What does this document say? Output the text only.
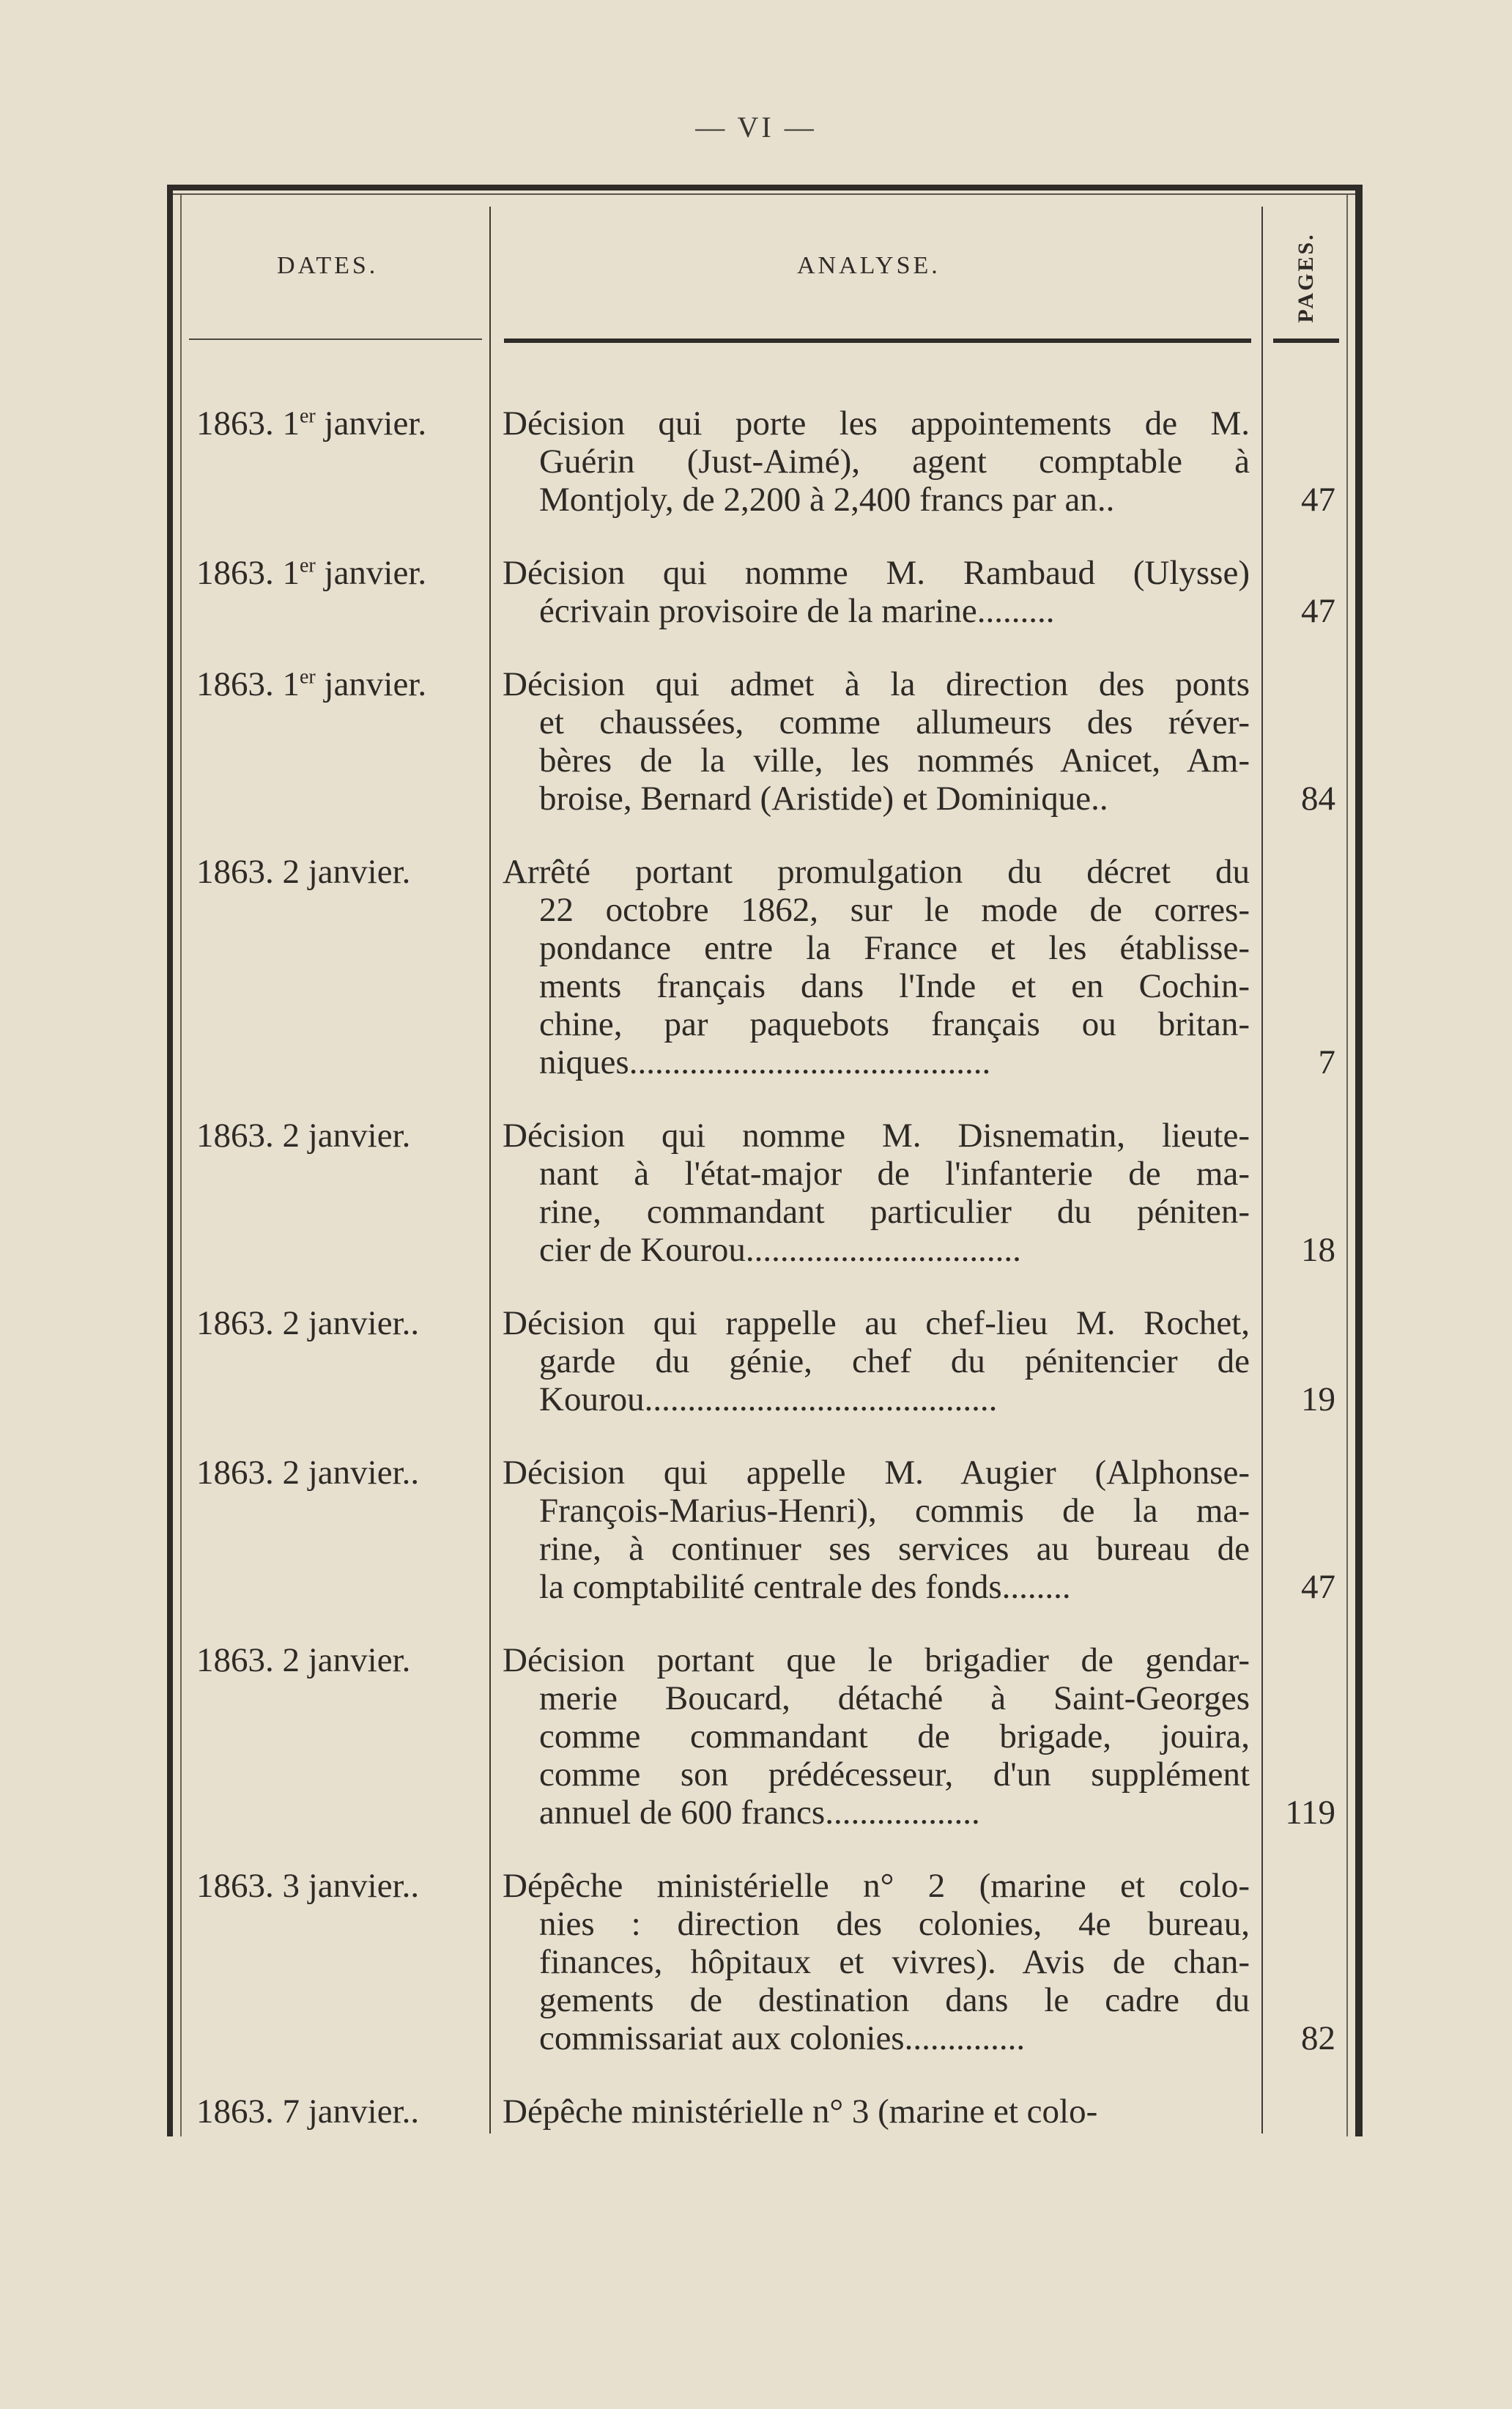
— VI —
DATES.	ANALYSE.	PAGES.
1863. 1er janvier.	Décision qui porte les appointements de M.
Guérin (Just-Aimé), agent comptable à
Montjoly, de 2,200 à 2,400 francs par an..	47
1863. 1er janvier.	Décision qui nomme M. Rambaud (Ulysse)
écrivain provisoire de la marine.........	47
1863. 1er janvier.	Décision qui admet à la direction des ponts
et chaussées, comme allumeurs des réver-
bères de la ville, les nommés Anicet, Am-
broise, Bernard (Aristide) et Dominique..	84
1863. 2 janvier.	Arrêté portant promulgation du décret du
22 octobre 1862, sur le mode de corres-
pondance entre la France et les établisse-
ments français dans l'Inde et en Cochin-
chine, par paquebots français ou britan-
niques..........................................	7
1863. 2 janvier.	Décision qui nomme M. Disnematin, lieute-
nant à l'état-major de l'infanterie de ma-
rine, commandant particulier du péniten-
cier de Kourou................................	18
1863. 2 janvier..	Décision qui rappelle au chef-lieu M. Rochet,
garde du génie, chef du pénitencier de
Kourou.........................................	19
1863. 2 janvier..	Décision qui appelle M. Augier (Alphonse-
François-Marius-Henri), commis de la ma-
rine, à continuer ses services au bureau de
la comptabilité centrale des fonds........	47
1863. 2 janvier.	Décision portant que le brigadier de gendar-
merie Boucard, détaché à Saint-Georges
comme commandant de brigade, jouira,
comme son prédécesseur, d'un supplément
annuel de 600 francs..................	119
1863. 3 janvier..	Dépêche ministérielle n° 2 (marine et colo-
nies : direction des colonies, 4e bureau,
finances, hôpitaux et vivres). Avis de chan-
gements de destination dans le cadre du
commissariat aux colonies..............	82
1863. 7 janvier..	Dépêche ministérielle n° 3 (marine et colo-
